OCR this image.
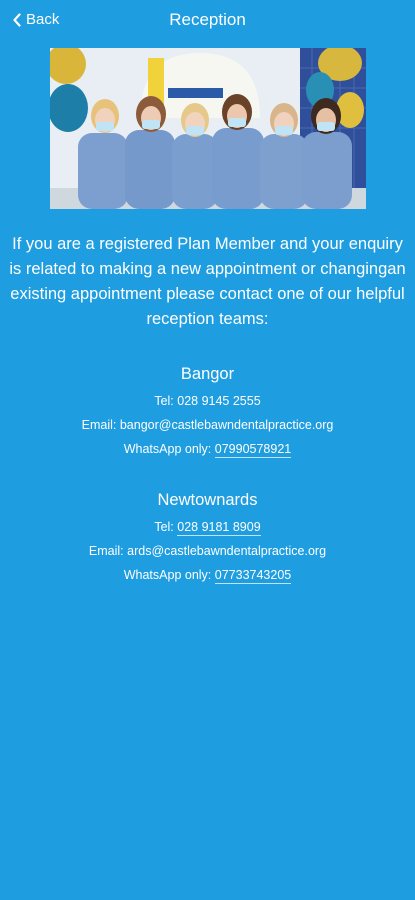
Back	Reception
If you are a registered Plan Member and your enquiry is related to making a new appointment or changingan existing appointment please contact one of our helpful reception teams:
Bangor
Tel: 028 9145 2555
Email: bangor@castlebawndentalpractice.org
WhatsApp only: 07990578921
Newtownards
Tel: 028 9181 8909
Email: ards@castlebawndentalpractice.org
WhatsApp only: 07733743205
